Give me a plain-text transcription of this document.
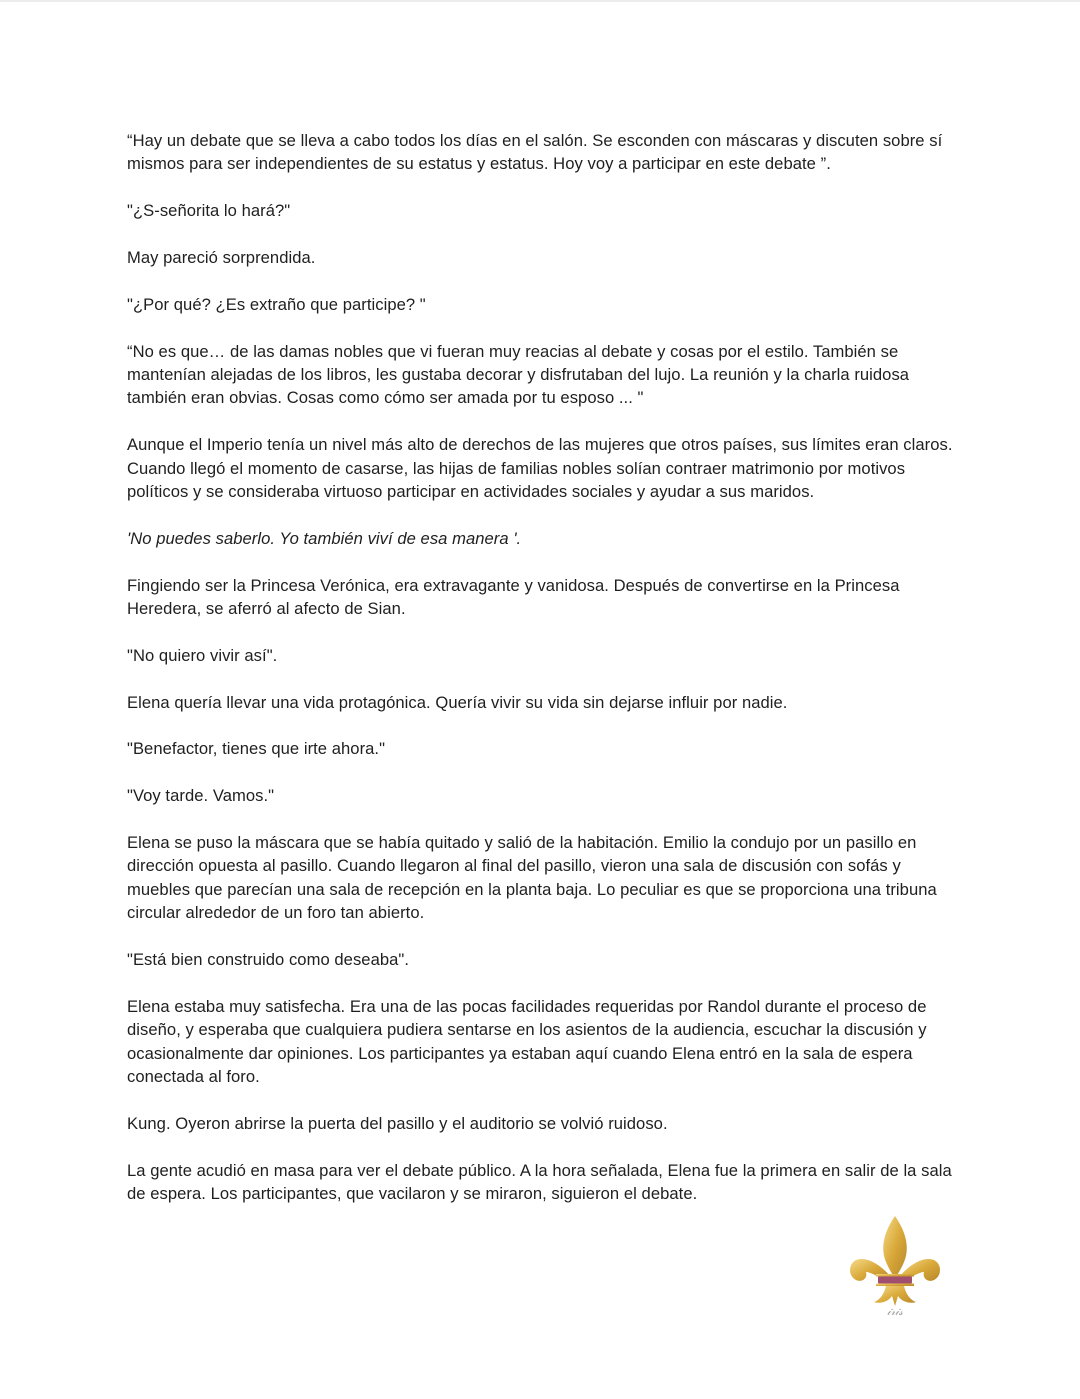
“Hay un debate que se lleva a cabo todos los días en el salón. Se esconden con máscaras y discuten sobre sí mismos para ser independientes de su estatus y estatus. Hoy voy a participar en este debate ”.

"¿S-señorita lo hará?"

May pareció sorprendida.

"¿Por qué? ¿Es extraño que participe? "

“No es que… de las damas nobles que vi fueran muy reacias al debate y cosas por el estilo. También se mantenían alejadas de los libros, les gustaba decorar y disfrutaban del lujo. La reunión y la charla ruidosa también eran obvias. Cosas como cómo ser amada por tu esposo ... "

Aunque el Imperio tenía un nivel más alto de derechos de las mujeres que otros países, sus límites eran claros. Cuando llegó el momento de casarse, las hijas de familias nobles solían contraer matrimonio por motivos políticos y se consideraba virtuoso participar en actividades sociales y ayudar a sus maridos.

'No puedes saberlo. Yo también viví de esa manera '.

Fingiendo ser la Princesa Verónica, era extravagante y vanidosa. Después de convertirse en la Princesa Heredera, se aferró al afecto de Sian.

"No quiero vivir así".

Elena quería llevar una vida protagónica. Quería vivir su vida sin dejarse influir por nadie.

"Benefactor, tienes que irte ahora."

"Voy tarde. Vamos."

Elena se puso la máscara que se había quitado y salió de la habitación. Emilio la condujo por un pasillo en dirección opuesta al pasillo. Cuando llegaron al final del pasillo, vieron una sala de discusión con sofás y muebles que parecían una sala de recepción en la planta baja. Lo peculiar es que se proporciona una tribuna circular alrededor de un foro tan abierto.

"Está bien construido como deseaba".

Elena estaba muy satisfecha. Era una de las pocas facilidades requeridas por Randol durante el proceso de diseño, y esperaba que cualquiera pudiera sentarse en los asientos de la audiencia, escuchar la discusión y ocasionalmente dar opiniones. Los participantes ya estaban aquí cuando Elena entró en la sala de espera conectada al foro.

Kung. Oyeron abrirse la puerta del pasillo y el auditorio se volvió ruidoso.

La gente acudió en masa para ver el debate público. A la hora señalada, Elena fue la primera en salir de la sala de espera. Los participantes, que vacilaron y se miraron, siguieron el debate.

𝒾𝓇𝒾𝓈
